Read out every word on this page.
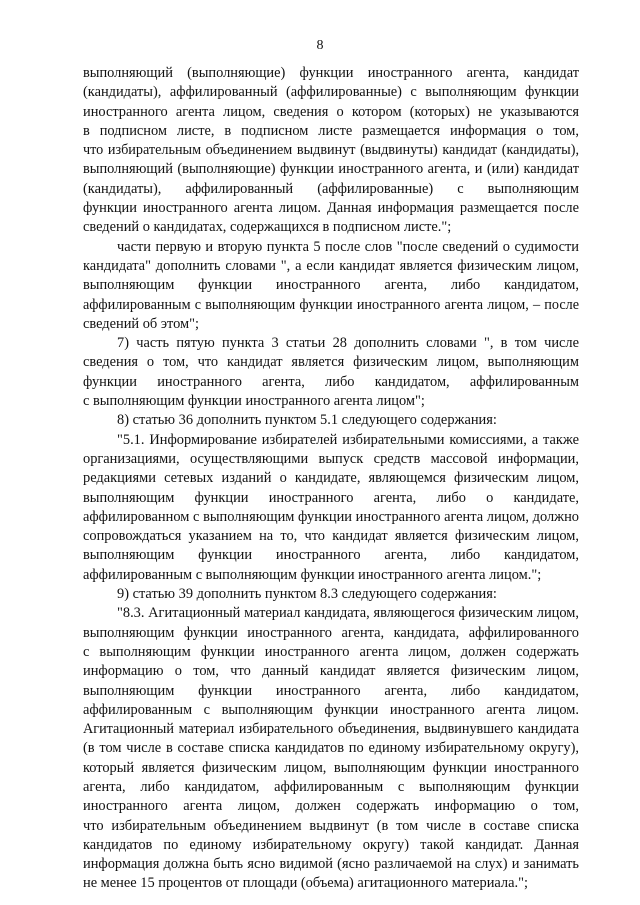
8
выполняющий (выполняющие) функции иностранного агента, кандидат
(кандидаты), аффилированный (аффилированные) с выполняющим функции
иностранного агента лицом, сведения о котором (которых) не указываются
в подписном листе, в подписном листе размещается информация о том,
что избирательным объединением выдвинут (выдвинуты) кандидат (кандидаты),
выполняющий (выполняющие) функции иностранного агента, и (или) кандидат
(кандидаты), аффилированный (аффилированные) с выполняющим
функции иностранного агента лицом. Данная информация размещается после
сведений о кандидатах, содержащихся в подписном листе.";
части первую и вторую пункта 5 после слов "после сведений о судимости
кандидата" дополнить словами ", а если кандидат является физическим лицом,
выполняющим функции иностранного агента, либо кандидатом,
аффилированным с выполняющим функции иностранного агента лицом, – после
сведений об этом";
7) часть пятую пункта 3 статьи 28 дополнить словами ", в том числе
сведения о том, что кандидат является физическим лицом, выполняющим
функции иностранного агента, либо кандидатом, аффилированным
с выполняющим функции иностранного агента лицом";
8) статью 36 дополнить пунктом 5.1 следующего содержания:
"5.1. Информирование избирателей избирательными комиссиями, а также
организациями, осуществляющими выпуск средств массовой информации,
редакциями сетевых изданий о кандидате, являющемся физическим лицом,
выполняющим функции иностранного агента, либо о кандидате,
аффилированном с выполняющим функции иностранного агента лицом, должно
сопровождаться указанием на то, что кандидат является физическим лицом,
выполняющим функции иностранного агента, либо кандидатом,
аффилированным с выполняющим функции иностранного агента лицом.";
9) статью 39 дополнить пунктом 8.3 следующего содержания:
"8.3. Агитационный материал кандидата, являющегося физическим лицом,
выполняющим функции иностранного агента, кандидата, аффилированного
с выполняющим функции иностранного агента лицом, должен содержать
информацию о том, что данный кандидат является физическим лицом,
выполняющим функции иностранного агента, либо кандидатом,
аффилированным с выполняющим функции иностранного агента лицом.
Агитационный материал избирательного объединения, выдвинувшего кандидата
(в том числе в составе списка кандидатов по единому избирательному округу),
который является физическим лицом, выполняющим функции иностранного
агента, либо кандидатом, аффилированным с выполняющим функции
иностранного агента лицом, должен содержать информацию о том,
что избирательным объединением выдвинут (в том числе в составе списка
кандидатов по единому избирательному округу) такой кандидат. Данная
информация должна быть ясно видимой (ясно различаемой на слух) и занимать
не менее 15 процентов от площади (объема) агитационного материала.";
